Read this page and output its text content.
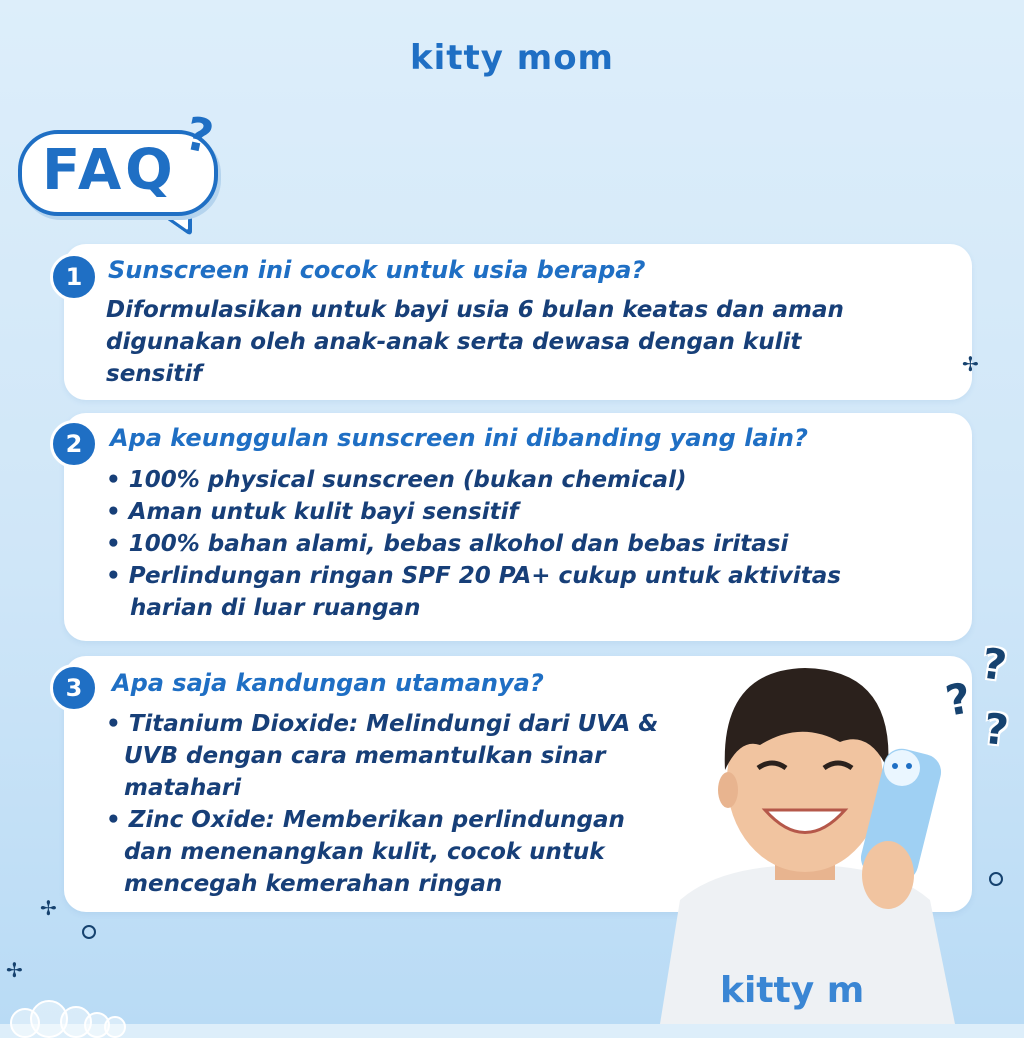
kitty mom
FAQ
?
1	Sunscreen ini cocok untuk usia berapa?
Diformulasikan untuk bayi usia 6 bulan keatas dan aman
digunakan oleh anak-anak serta dewasa dengan kulit
sensitif
2	Apa keunggulan sunscreen ini dibanding yang lain?
• 100% physical sunscreen (bukan chemical)
• Aman untuk kulit bayi sensitif
• 100% bahan alami, bebas alkohol dan bebas iritasi
• Perlindungan ringan SPF 20 PA+ cukup untuk aktivitas
harian di luar ruangan
3	Apa saja kandungan utamanya?
• Titanium Dioxide: Melindungi dari UVA &
UVB dengan cara memantulkan sinar
matahari
• Zinc Oxide: Memberikan perlindungan
dan menenangkan kulit, cocok untuk
mencegah kemerahan ringan
kitty m
?
?
?
✢
✢
✢
